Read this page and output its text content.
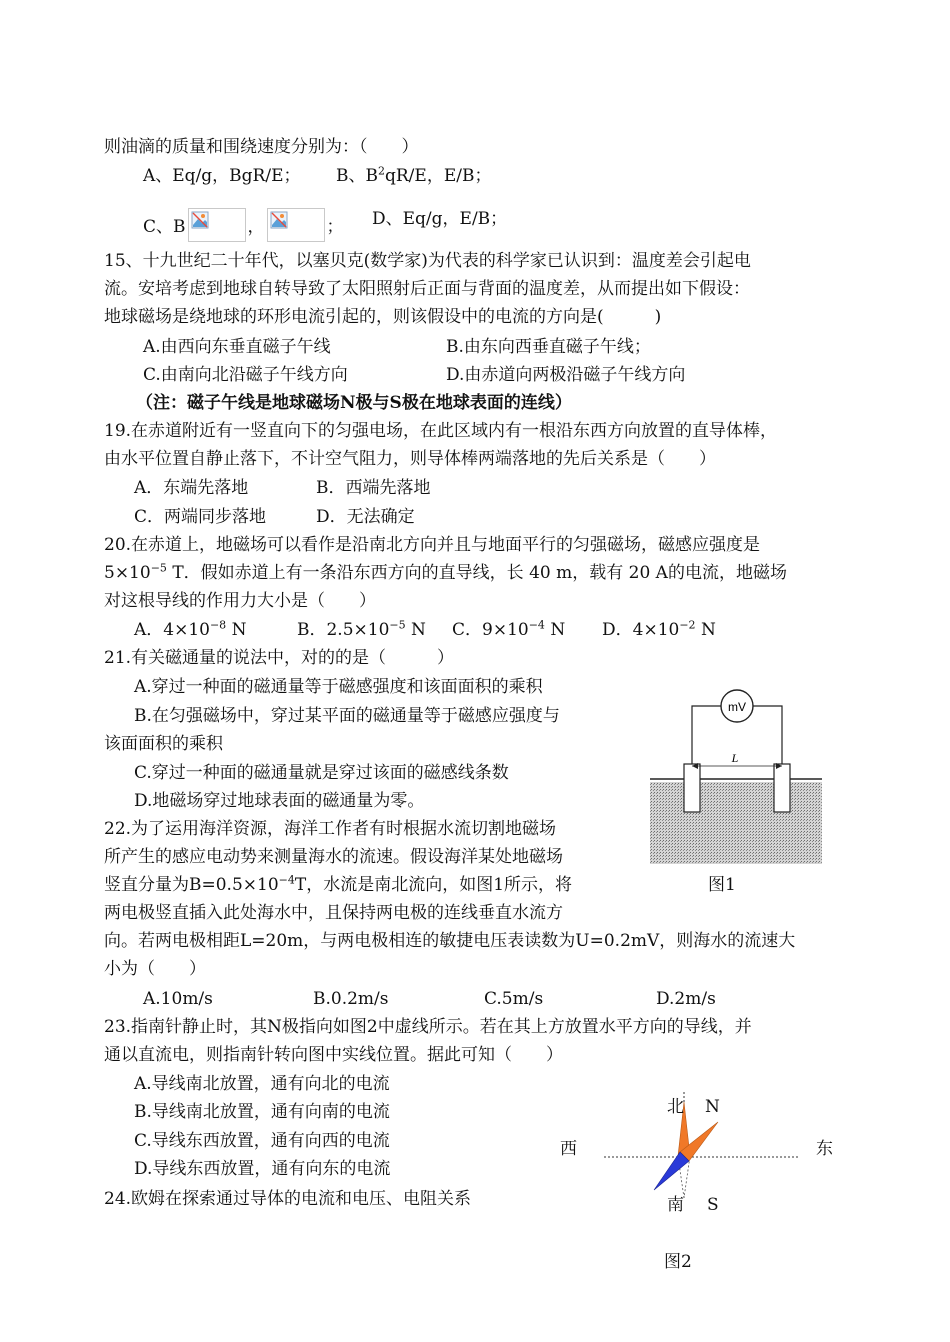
则油滴的质量和围绕速度分别为：（　　）
A、Eq/g，BgR/E； B、$B^2qR/E$，E/B；
C、B	，	； D、Eq/g，E/B；
15、十九世纪二十年代，以塞贝克(数学家)为代表的科学家已认识到：温度差会引起电
流。安培考虑到地球自转导致了太阳照射后正面与背面的温度差，从而提出如下假设：
地球磁场是绕地球的环形电流引起的，则该假设中的电流的方向是(　　　)
A.由西向东垂直磁子午线	B.由东向西垂直磁子午线；
C.由南向北沿磁子午线方向	D.由赤道向两极沿磁子午线方向
（注：磁子午线是地球磁场N极与S极在地球表面的连线）
19.在赤道附近有一竖直向下的匀强电场，在此区域内有一根沿东西方向放置的直导体棒，
由水平位置自静止落下，不计空气阻力，则导体棒两端落地的先后关系是（　　）
A．东端先落地	B．西端先落地
C．两端同步落地	D．无法确定
20.在赤道上，地磁场可以看作是沿南北方向并且与地面平行的匀强磁场，磁感应强度是
$5\times 10^{-5}$ T．假如赤道上有一条沿东西方向的直导线，长 40 m，载有 20 A的电流，地磁场
对这根导线的作用力大小是（　　）
A．$4\times 10^{-8}$ N	B．$2.5\times 10^{-5}$ N C．$9\times 10^{-4}$ N D．$4\times 10^{-2}$ N
21.有关磁通量的说法中，对的的是（　　　）
A.穿过一种面的磁通量等于磁感强度和该面面积的乘积
B.在匀强磁场中，穿过某平面的磁通量等于磁感应强度与
该面面积的乘积
C.穿过一种面的磁通量就是穿过该面的磁感线条数
D.地磁场穿过地球表面的磁通量为零。
22.为了运用海洋资源，海洋工作者有时根据水流切割地磁场
所产生的感应电动势来测量海水的流速。假设海洋某处地磁场
竖直分量为$B=0.5\times 10^{-4}T$，水流是南北流向，如图1所示，将
两电极竖直插入此处海水中，且保持两电极的连线垂直水流方
向。若两电极相距L=20m，与两电极相连的敏捷电压表读数为U=0.2mV，则海水的流速大
小为（　　）
A.10m/s	B.0.2m/s	C.5m/s	D.2m/s
mV
L
图1
23.指南针静止时，其N极指向如图2中虚线所示。若在其上方放置水平方向的导线，并
通以直流电，则指南针转向图中实线位置。据此可知（　　）
A.导线南北放置，通有向北的电流
B.导线南北放置，通有向南的电流
C.导线东西放置，通有向西的电流
D.导线东西放置，通有向东的电流
24.欧姆在探索通过导体的电流和电压、电阻关系
北 N
西	东
南 S
图2
